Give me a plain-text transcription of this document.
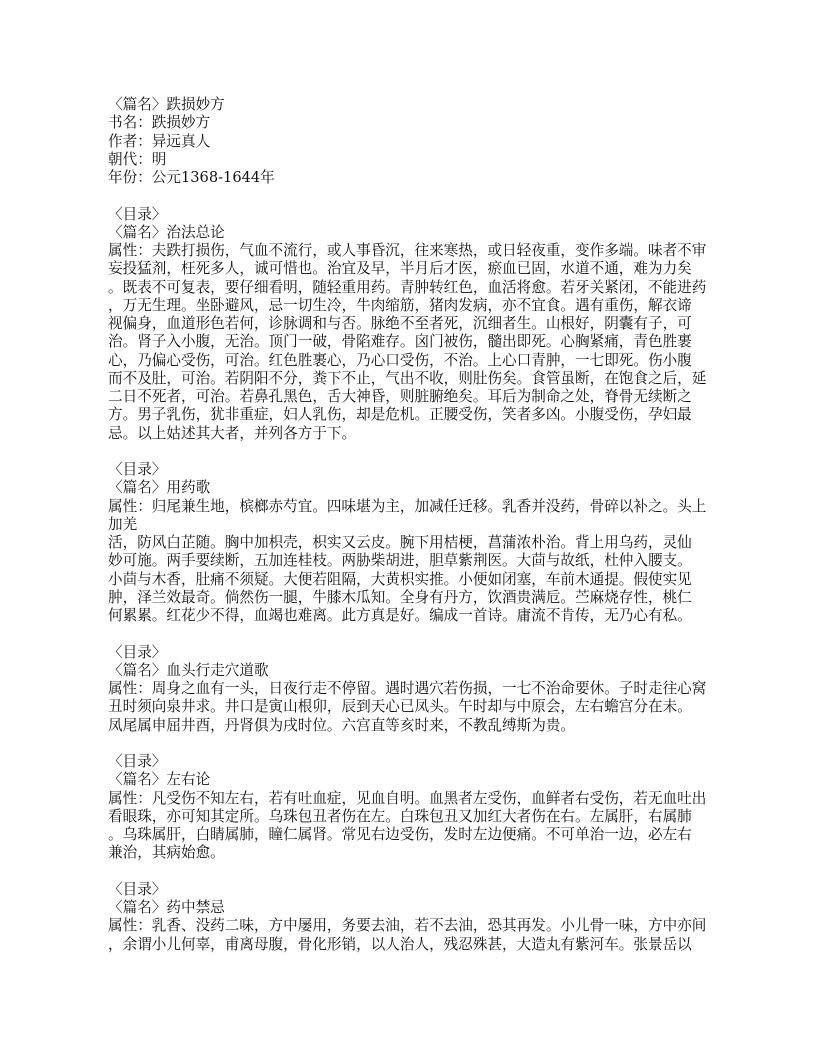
〈篇名〉跌损妙方
书名：跌损妙方
作者：异远真人
朝代：明
年份：公元1368-1644年
〈目录〉
〈篇名〉治法总论
属性：夫跌打损伤，气血不流行，或人事昏沉，往来寒热，或日轻夜重，变作多端。味者不审
妄投猛剂，枉死多人，诚可惜也。治宜及早，半月后才医，瘀血已固，水道不通，难为力矣
。既表不可复表，要仔细看明，随轻重用药。青肿转红色，血活将愈。若牙关紧闭，不能进药
，万无生理。坐卧避风，忌一切生冷，牛肉缩筋，猪肉发病，亦不宜食。遇有重伤，解衣谛
视偏身，血道形色若何，诊脉调和与否。脉绝不至者死，沉细者生。山根好，阴囊有子，可
治。肾子入小腹，无治。顶门一破，骨陷难存。囟门被伤，髓出即死。心胸紧痛，青色胜裹
心，乃偏心受伤，可治。红色胜裹心，乃心口受伤，不治。上心口青肿，一七即死。伤小腹
而不及肚，可治。若阴阳不分，粪下不止，气出不收，则肚伤矣。食管虽断，在饱食之后，延
二日不死者，可治。若鼻孔黑色，舌大神昏，则脏腑绝矣。耳后为制命之处，脊骨无续断之
方。男子乳伤，犹非重症，妇人乳伤，却是危机。正腰受伤，笑者多凶。小腹受伤，孕妇最
忌。以上姑述其大者，并列各方于下。
〈目录〉
〈篇名〉用药歌
属性：归尾兼生地，槟榔赤芍宜。四味堪为主，加减任迁移。乳香并没药，骨碎以补之。头上
加羌
活，防风白芷随。胸中加枳壳，枳实又云皮。腕下用桔梗，菖蒲浓朴治。背上用乌药，灵仙
妙可施。两手要续断，五加连桂枝。两胁柴胡进，胆草紫荆医。大茴与故纸，杜仲入腰支。
小茴与木香，肚痛不须疑。大便若阻隔，大黄枳实推。小便如闭塞，车前木通提。假使实见
肿，泽兰效最奇。倘然伤一腿，牛膝木瓜知。全身有丹方，饮酒贵满卮。苎麻烧存性，桃仁
何累累。红花少不得，血竭也难离。此方真是好。编成一首诗。庸流不肯传，无乃心有私。
〈目录〉
〈篇名〉血头行走穴道歌
属性：周身之血有一头，日夜行走不停留。遇时遇穴若伤损，一七不治命要休。子时走往心窝
丑时须向泉井求。井口是寅山根卯，辰到天心已凤头。午时却与中原会，左右蟾宫分在未。
凤尾属申屈井酉，丹肾俱为戌时位。六宫直等亥时来，不教乱缚斯为贵。
〈目录〉
〈篇名〉左右论
属性：凡受伤不知左右，若有吐血症，见血自明。血黑者左受伤，血鲜者右受伤，若无血吐出
看眼珠，亦可知其定所。乌珠包丑者伤在左。白珠包丑又加红大者伤在右。左属肝，右属肺
。乌珠属肝，白睛属肺，瞳仁属肾。常见右边受伤，发时左边便痛。不可单治一边，必左右
兼治，其病始愈。
〈目录〉
〈篇名〉药中禁忌
属性：乳香、没药二味，方中屡用，务要去油，若不去油，恐其再发。小儿骨一味，方中亦间
，余谓小儿何辜，甫离母腹，骨化形销，以人治人，残忍殊甚，大造丸有紫河车。张景岳以
